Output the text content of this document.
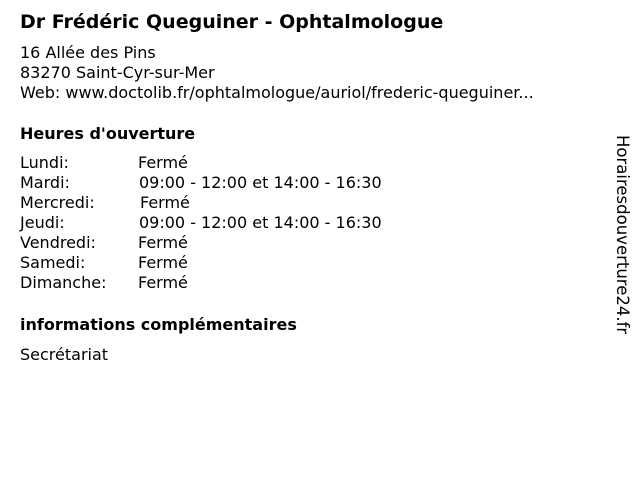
Dr Frédéric Queguiner - Ophtalmologue
16 Allée des Pins
83270 Saint-Cyr-sur-Mer
Web: www.doctolib.fr/ophtalmologue/auriol/frederic-queguiner...
Heures d'ouverture
Lundi:	Fermé
Mardi:	09:00 - 12:00 et 14:00 - 16:30
Mercredi:	Fermé
Jeudi:	09:00 - 12:00 et 14:00 - 16:30
Vendredi:	Fermé
Samedi:	Fermé
Dimanche: Fermé
informations complémentaires
Secrétariat
Horairesdouverture24.fr
